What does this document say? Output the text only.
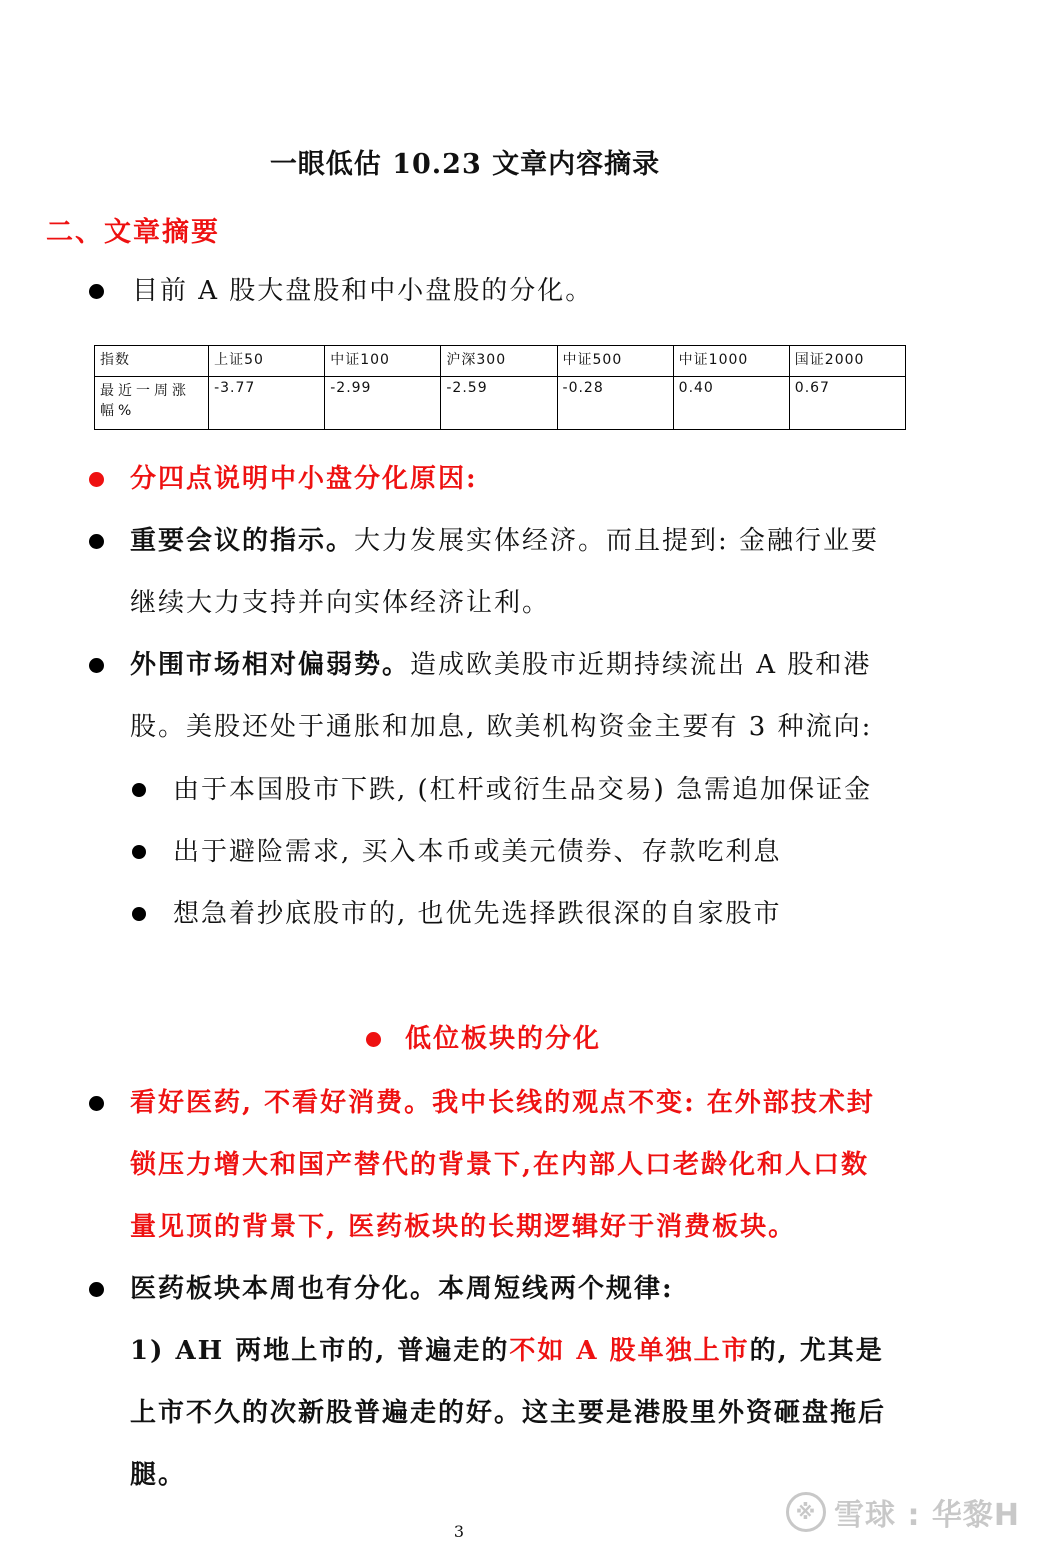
一眼低估 10.23 文章内容摘录
二、文章摘要
目前 A 股大盘股和中小盘股的分化。
指数	上证50	中证100	沪深300	中证500	中证1000	国证2000

最近一周涨
幅%	-3.77	-2.99	-2.59	-0.28	0.40	0.67
分四点说明中小盘分化原因:
重要会议的指示。大力发展实体经济。而且提到: 金融行业要
继续大力支持并向实体经济让利。
外围市场相对偏弱势。造成欧美股市近期持续流出 A 股和港
股。美股还处于通胀和加息, 欧美机构资金主要有 3 种流向:
由于本国股市下跌, (杠杆或衍生品交易) 急需追加保证金
出于避险需求, 买入本币或美元债券、存款吃利息
想急着抄底股市的, 也优先选择跌很深的自家股市
低位板块的分化
看好医药, 不看好消费。我中长线的观点不变: 在外部技术封
锁压力增大和国产替代的背景下,在内部人口老龄化和人口数
量见顶的背景下, 医药板块的长期逻辑好于消费板块。
医药板块本周也有分化。本周短线两个规律:
1) AH 两地上市的, 普遍走的不如 A 股单独上市的, 尤其是
上市不久的次新股普遍走的好。这主要是港股里外资砸盘拖后
腿。
※ 雪球 : 华黎H
3
